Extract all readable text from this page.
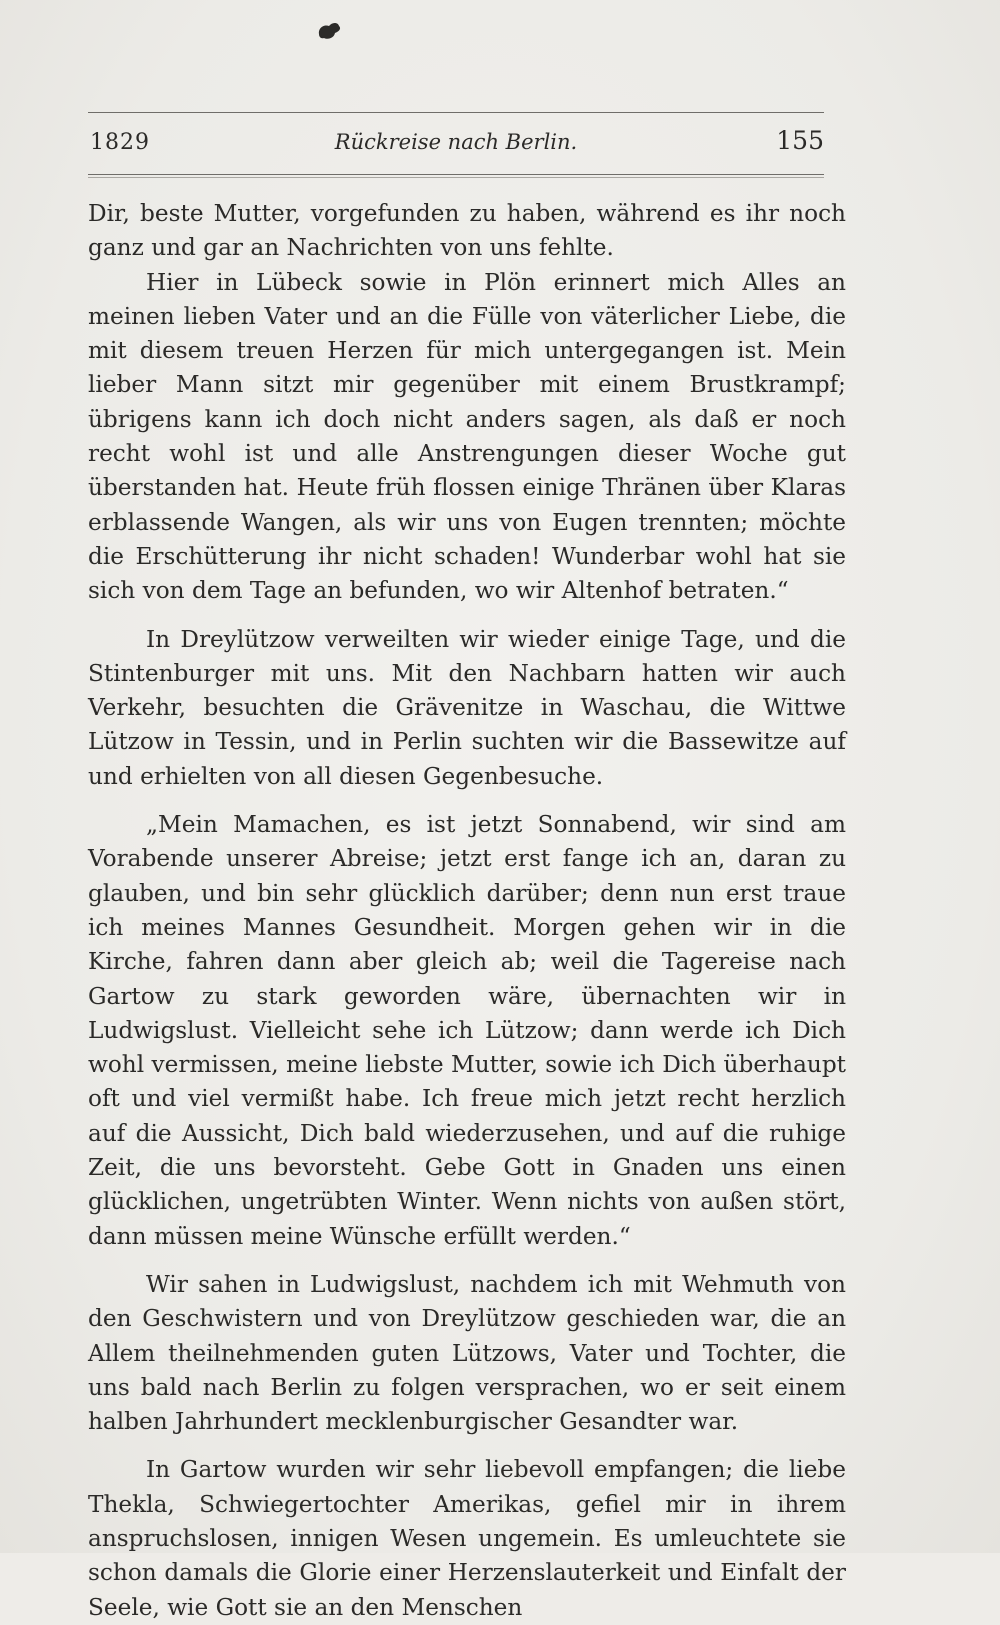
1829	Rückreise nach Berlin.	155

Dir, beste Mutter, vorgefunden zu haben, während es ihr noch ganz und gar an Nachrichten von uns fehlte.

Hier in Lübeck sowie in Plön erinnert mich Alles an meinen lieben Vater und an die Fülle von väterlicher Liebe, die mit diesem treuen Herzen für mich untergegangen ist. Mein lieber Mann sitzt mir gegenüber mit einem Brustkrampf; übrigens kann ich doch nicht anders sagen, als daß er noch recht wohl ist und alle Anstrengungen dieser Woche gut überstanden hat. Heute früh flossen einige Thränen über Klaras erblassende Wangen, als wir uns von Eugen trennten; möchte die Erschütterung ihr nicht schaden! Wunderbar wohl hat sie sich von dem Tage an befunden, wo wir Altenhof betraten.“

In Dreylützow verweilten wir wieder einige Tage, und die Stintenburger mit uns. Mit den Nachbarn hatten wir auch Verkehr, besuchten die Grävenitze in Waschau, die Wittwe Lützow in Tessin, und in Perlin suchten wir die Bassewitze auf und erhielten von all diesen Gegenbesuche.

„Mein Mamachen, es ist jetzt Sonnabend, wir sind am Vorabende unserer Abreise; jetzt erst fange ich an, daran zu glauben, und bin sehr glücklich darüber; denn nun erst traue ich meines Mannes Gesundheit. Morgen gehen wir in die Kirche, fahren dann aber gleich ab; weil die Tagereise nach Gartow zu stark geworden wäre, übernachten wir in Ludwigslust. Vielleicht sehe ich Lützow; dann werde ich Dich wohl vermissen, meine liebste Mutter, sowie ich Dich überhaupt oft und viel vermißt habe. Ich freue mich jetzt recht herzlich auf die Aussicht, Dich bald wiederzusehen, und auf die ruhige Zeit, die uns bevorsteht. Gebe Gott in Gnaden uns einen glücklichen, ungetrübten Winter. Wenn nichts von außen stört, dann müssen meine Wünsche erfüllt werden.“

Wir sahen in Ludwigslust, nachdem ich mit Wehmuth von den Geschwistern und von Dreylützow geschieden war, die an Allem theilnehmenden guten Lützows, Vater und Tochter, die uns bald nach Berlin zu folgen versprachen, wo er seit einem halben Jahrhundert mecklenburgischer Gesandter war.

In Gartow wurden wir sehr liebevoll empfangen; die liebe Thekla, Schwiegertochter Amerikas, gefiel mir in ihrem anspruchslosen, innigen Wesen ungemein. Es umleuchtete sie schon damals die Glorie einer Herzenslauterkeit und Einfalt der Seele, wie Gott sie an den Menschen
